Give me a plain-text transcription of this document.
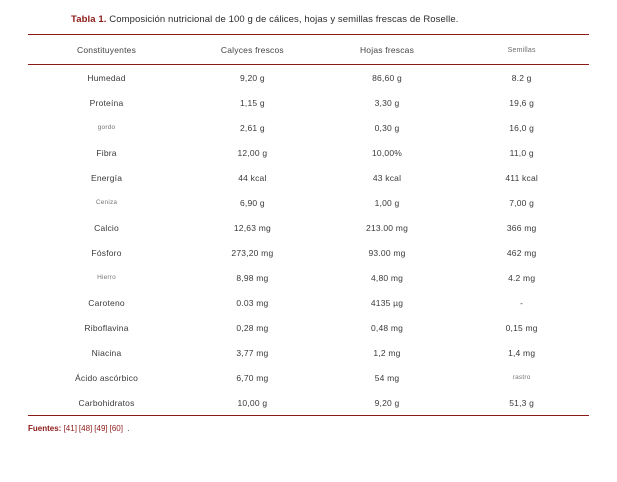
Tabla 1. Composición nutricional de 100 g de cálices, hojas y semillas frescas de Roselle.

Constituyentes	Calyces frescos	Hojas frescas	Semillas
Humedad	9,20 g	86,60 g	8.2 g
Proteína	1,15 g	3,30 g	19,6 g
gordo	2,61 g	0,30 g	16,0 g
Fibra	12,00 g	10,00%	11,0 g
Energía	44 kcal	43 kcal	411 kcal
Ceniza	6,90 g	1,00 g	7,00 g
Calcio	12,63 mg	213.00 mg	366 mg
Fósforo	273,20 mg	93.00 mg	462 mg
Hierro	8,98 mg	4,80 mg	4.2 mg
Caroteno	0.03 mg	4135 µg	-
Riboflavina	0,28 mg	0,48 mg	0,15 mg
Niacina	3,77 mg	1,2 mg	1,4 mg
Ácido ascórbico	6,70 mg	54 mg	rastro
Carbohidratos	10,00 g	9,20 g	51,3 g

Fuentes: [41] [48] [49] [60] .
